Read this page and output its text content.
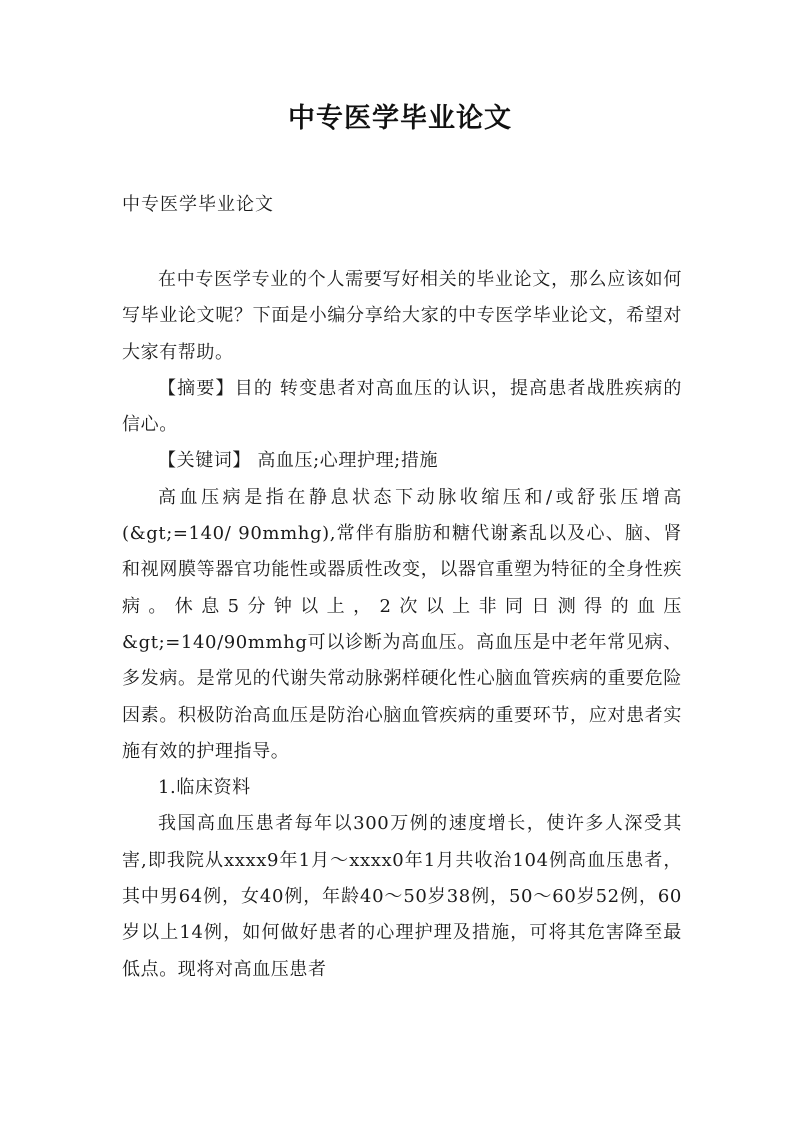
中专医学毕业论文
中专医学毕业论文

在中专医学专业的个人需要写好相关的毕业论文，那么应该如何写毕业论文呢？下面是小编分享给大家的中专医学毕业论文，希望对大家有帮助。

【摘要】目的 转变患者对高血压的认识，提高患者战胜疾病的信心。

【关键词】 高血压;心理护理;措施

高血压病是指在静息状态下动脉收缩压和/或舒张压增高(&gt;=140/ 90mmhg),常伴有脂肪和糖代谢紊乱以及心、脑、肾和视网膜等器官功能性或器质性改变，以器官重塑为特征的全身性疾病。休息5分钟以上，2次以上非同日测得的血压&gt;=140/90mmhg可以诊断为高血压。高血压是中老年常见病、多发病。是常见的代谢失常动脉粥样硬化性心脑血管疾病的重要危险因素。积极防治高血压是防治心脑血管疾病的重要环节，应对患者实施有效的护理指导。

1.临床资料

我国高血压患者每年以300万例的速度增长，使许多人深受其害,即我院从xxxx9年1月～xxxx0年1月共收治104例高血压患者，其中男64例，女40例，年龄40～50岁38例，50～60岁52例，60岁以上14例，如何做好患者的心理护理及措施，可将其危害降至最低点。现将对高血压患者
